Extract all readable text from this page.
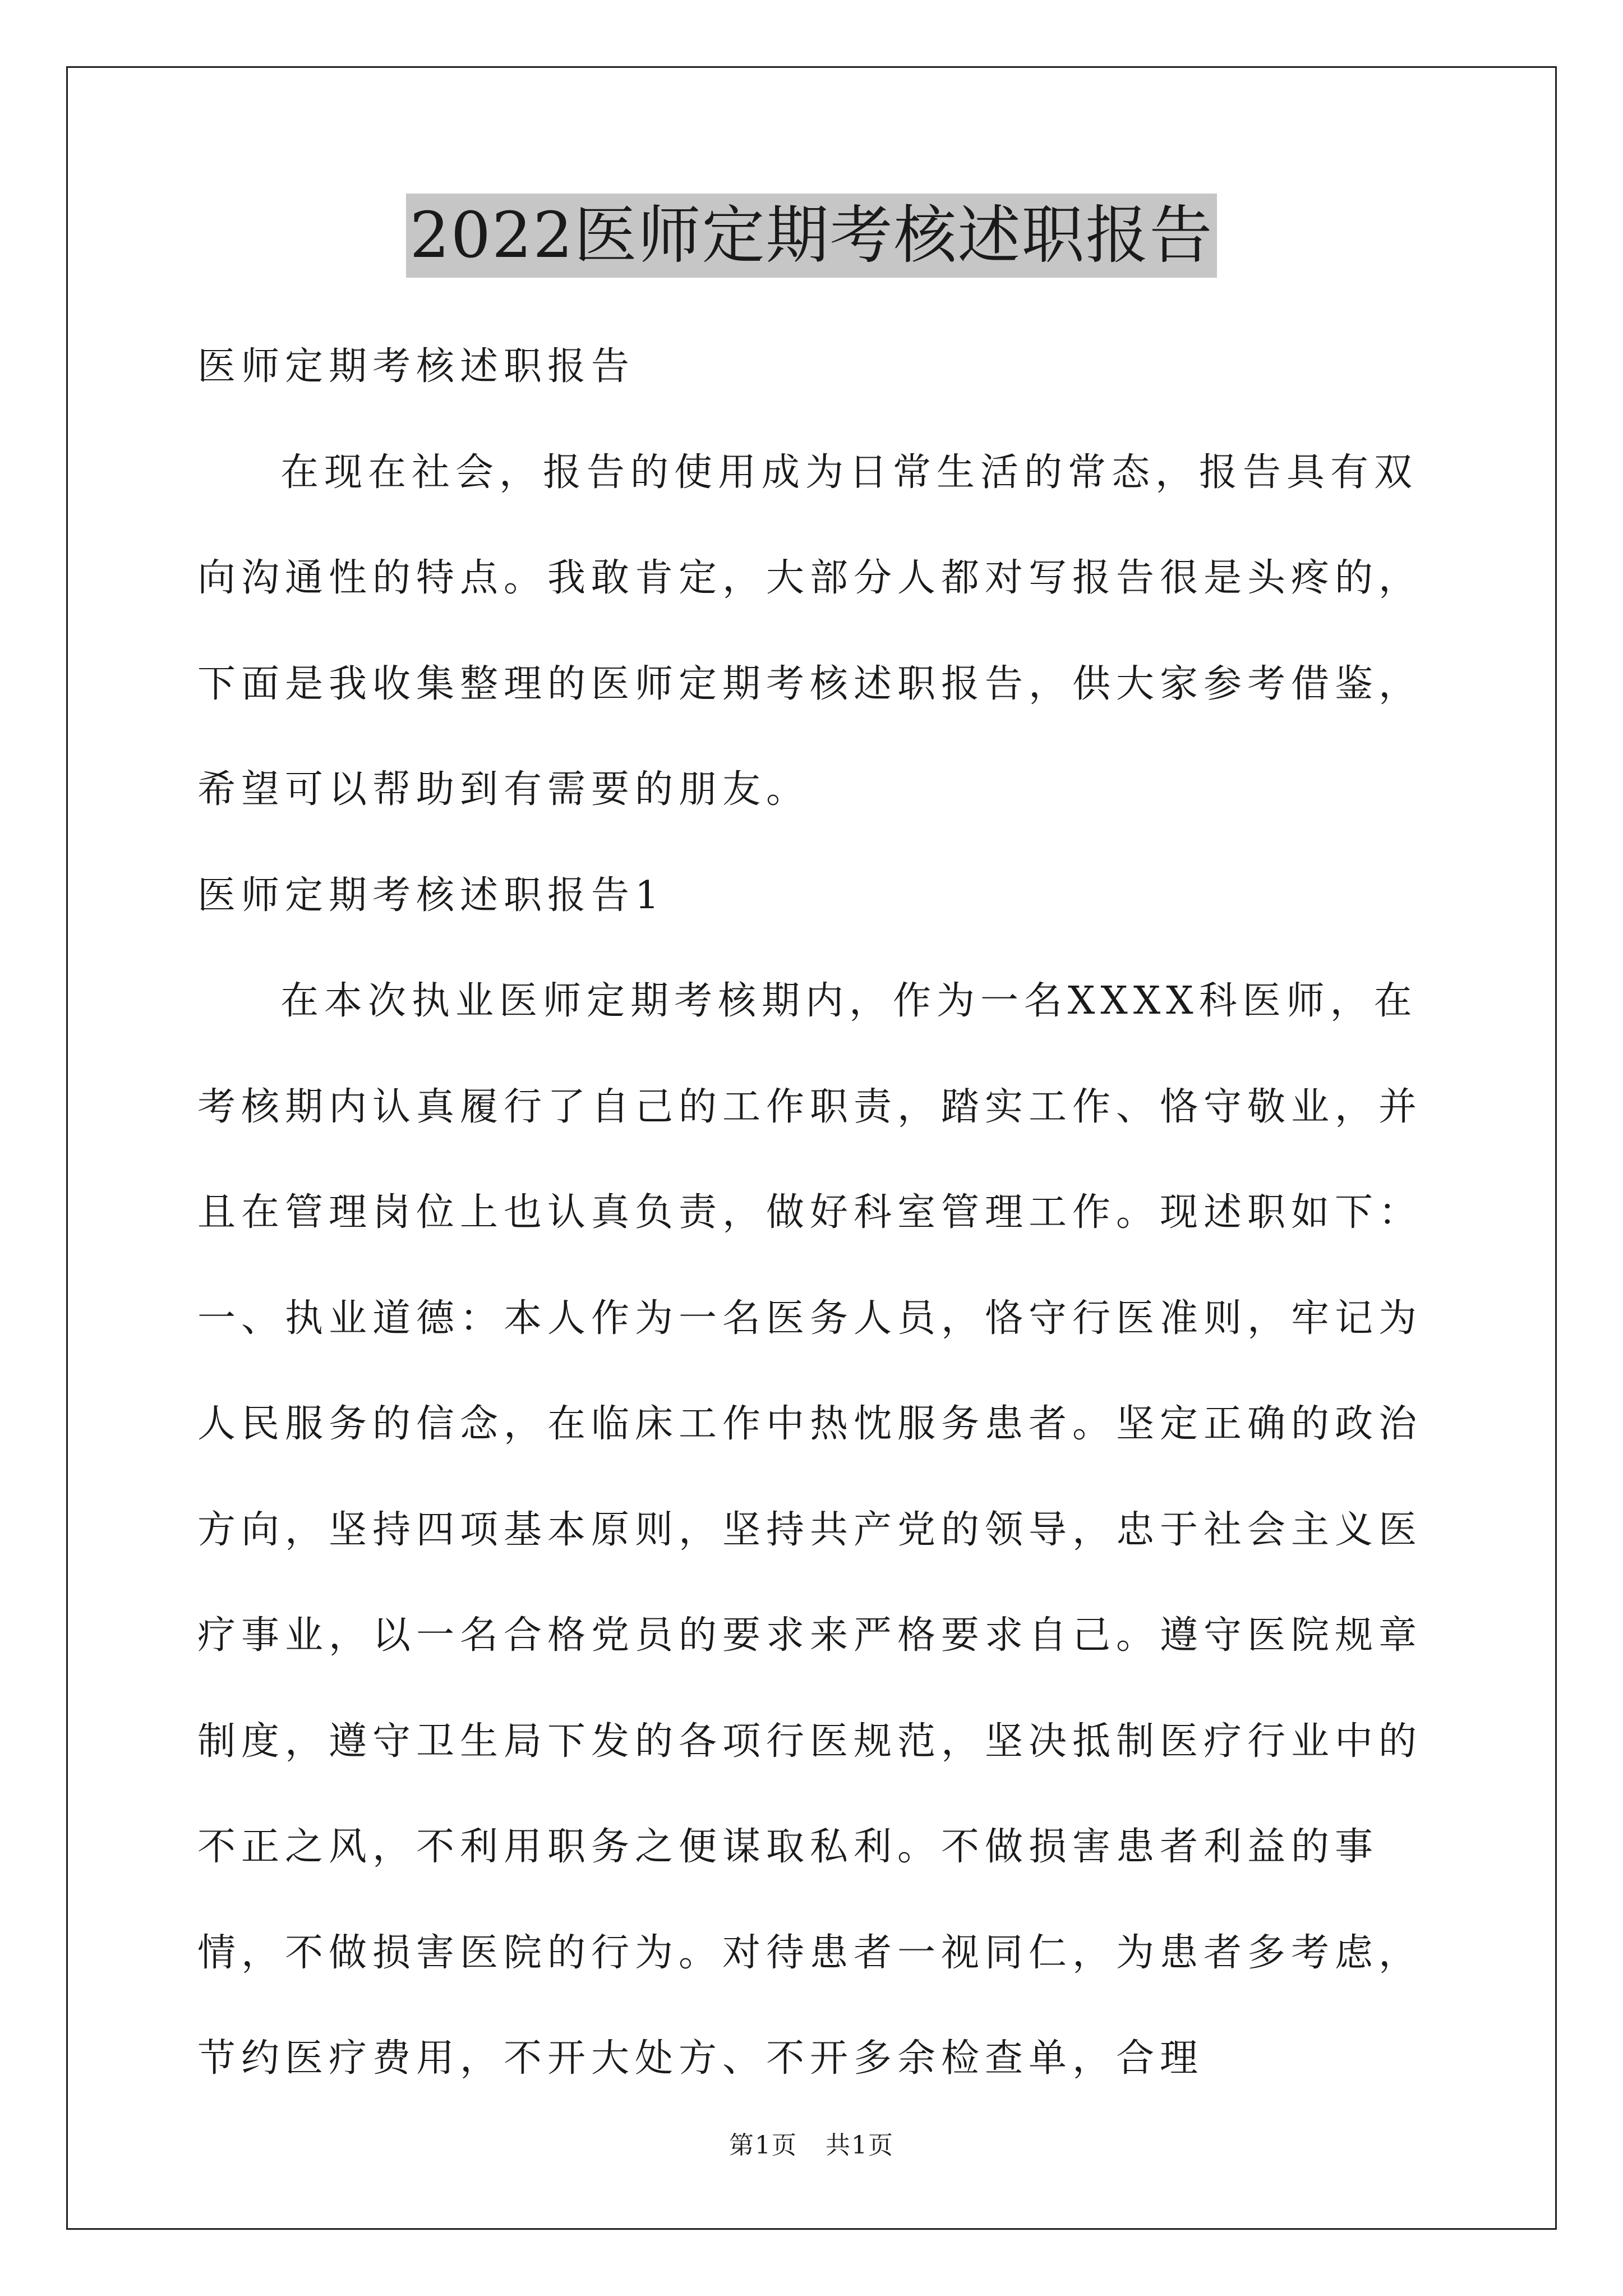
2022医师定期考核述职报告

医师定期考核述职报告

在现在社会，报告的使用成为日常生活的常态，报告具有双向沟通性的特点。我敢肯定，大部分人都对写报告很是头疼的，下面是我收集整理的医师定期考核述职报告，供大家参考借鉴，希望可以帮助到有需要的朋友。

医师定期考核述职报告1

在本次执业医师定期考核期内，作为一名XXXX科医师，在考核期内认真履行了自己的工作职责，踏实工作、恪守敬业，并且在管理岗位上也认真负责，做好科室管理工作。现述职如下：一、执业道德：本人作为一名医务人员，恪守行医准则，牢记为人民服务的信念，在临床工作中热忱服务患者。坚定正确的政治方向，坚持四项基本原则，坚持共产党的领导，忠于社会主义医疗事业，以一名合格党员的要求来严格要求自己。遵守医院规章制度，遵守卫生局下发的各项行医规范，坚决抵制医疗行业中的不正之风，不利用职务之便谋取私利。不做损害患者利益的事情，不做损害医院的行为。对待患者一视同仁，为患者多考虑，节约医疗费用，不开大处方、不开多余检查单，合理

第1页 共1页
